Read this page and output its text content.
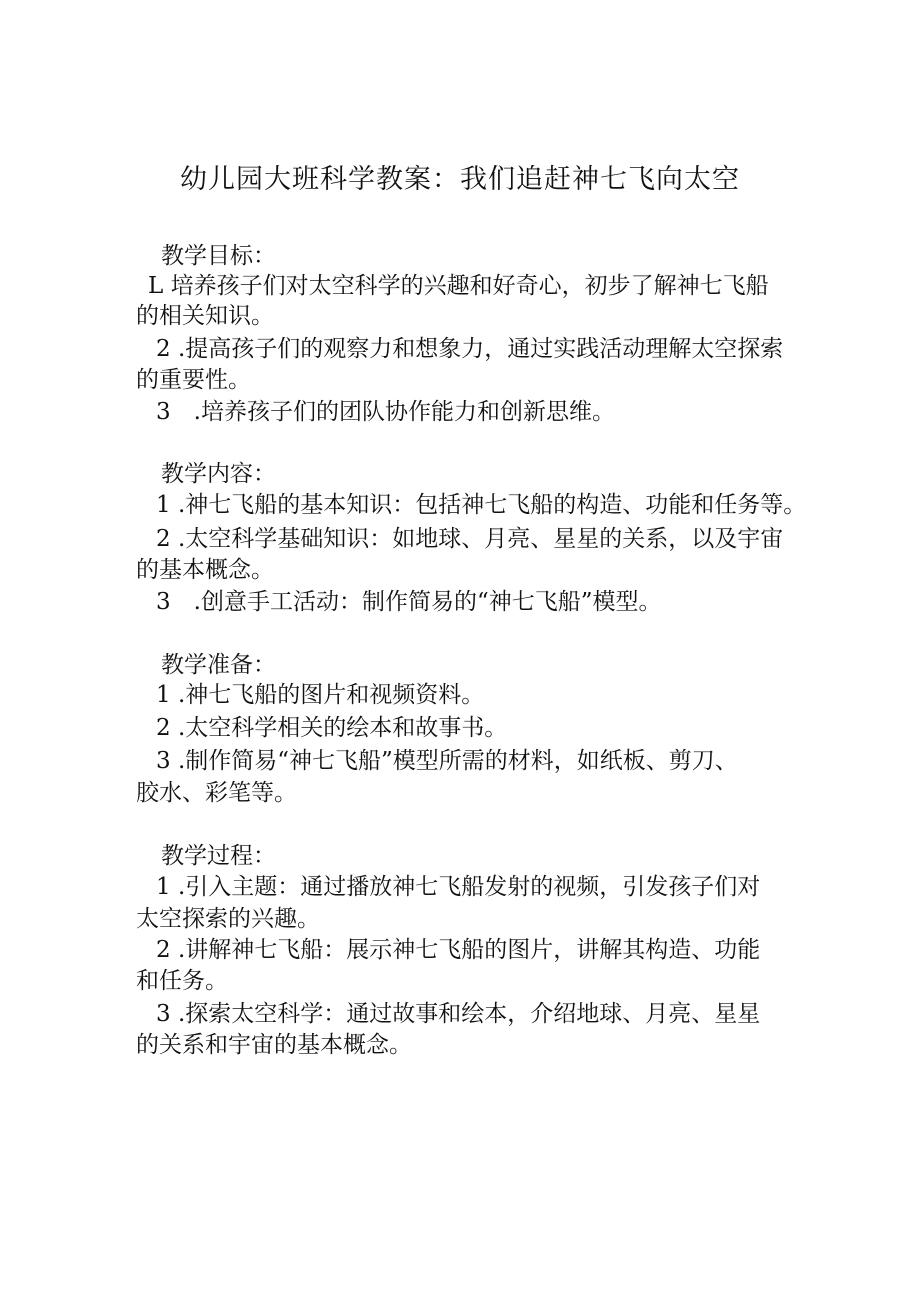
幼儿园大班科学教案：我们追赶神七飞向太空
教学目标：
L 培养孩子们对太空科学的兴趣和好奇心，初步了解神七飞船
的相关知识。
2 .提高孩子们的观察力和想象力，通过实践活动理解太空探索
的重要性。
3　.培养孩子们的团队协作能力和创新思维。
教学内容：
1 .神七飞船的基本知识：包括神七飞船的构造、功能和任务等。
2 .太空科学基础知识：如地球、月亮、星星的关系，以及宇宙
的基本概念。
3　.创意手工活动：制作简易的“神七飞船”模型。
教学准备：
1 .神七飞船的图片和视频资料。
2 .太空科学相关的绘本和故事书。
3 .制作简易“神七飞船”模型所需的材料，如纸板、剪刀、
胶水、彩笔等。
教学过程：
1 .引入主题：通过播放神七飞船发射的视频，引发孩子们对
太空探索的兴趣。
2 .讲解神七飞船：展示神七飞船的图片，讲解其构造、功能
和任务。
3 .探索太空科学：通过故事和绘本，介绍地球、月亮、星星
的关系和宇宙的基本概念。
